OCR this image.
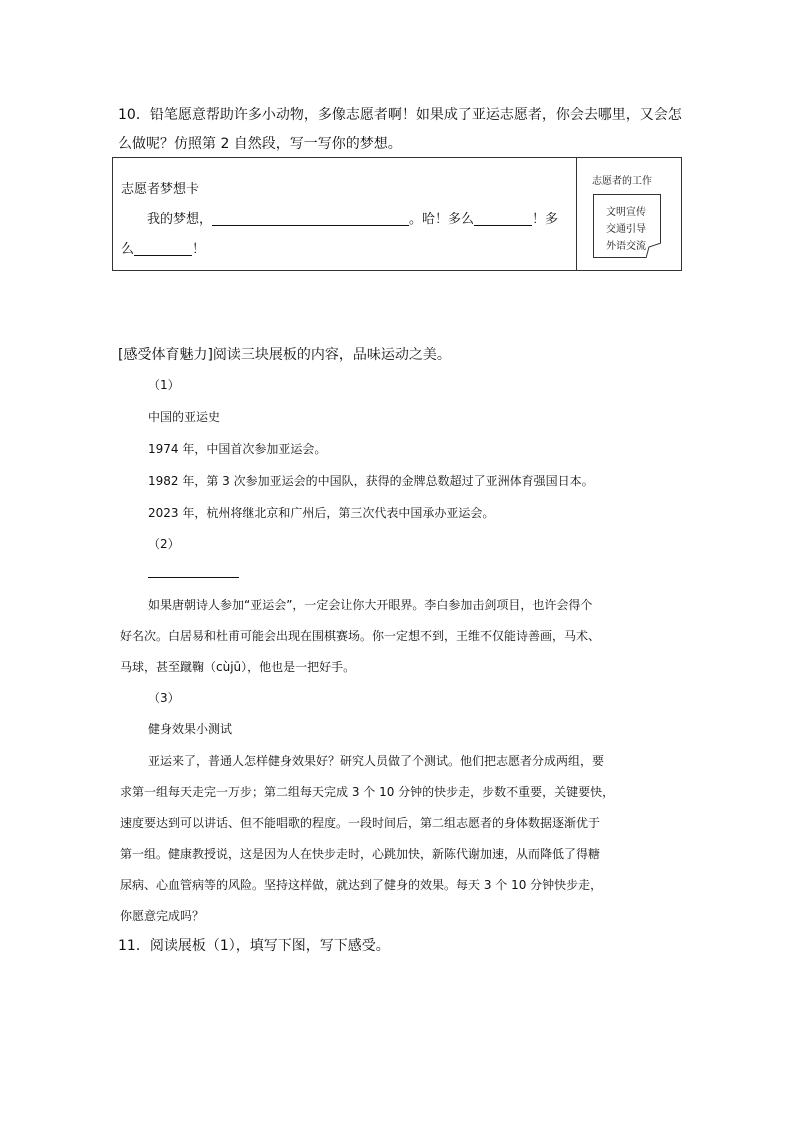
10．铅笔愿意帮助许多小动物，多像志愿者啊！如果成了亚运志愿者，你会去哪里，又会怎
么做呢？仿照第 2 自然段，写一写你的梦想。
志愿者梦想卡
我的梦想，	。哈！多么	！多
么	！
志愿者的工作
文明宣传
交通引导
外语交流
[感受体育魅力]阅读三块展板的内容，品味运动之美。
（1）
中国的亚运史
1974 年，中国首次参加亚运会。
1982 年，第 3 次参加亚运会的中国队，获得的金牌总数超过了亚洲体育强国日本。
2023 年，杭州将继北京和广州后，第三次代表中国承办亚运会。
（2）
如果唐朝诗人参加“亚运会”，一定会让你大开眼界。李白参加击剑项目，也许会得个
好名次。白居易和杜甫可能会出现在围棋赛场。你一定想不到，王维不仅能诗善画，马术、
马球，甚至蹴鞠（cùjū），他也是一把好手。
（3）
健身效果小测试
亚运来了，普通人怎样健身效果好？研究人员做了个测试。他们把志愿者分成两组，要
求第一组每天走完一万步；第二组每天完成 3 个 10 分钟的快步走，步数不重要，关键要快，
速度要达到可以讲话、但不能唱歌的程度。一段时间后，第二组志愿者的身体数据逐渐优于
第一组。健康教授说，这是因为人在快步走时，心跳加快，新陈代谢加速，从而降低了得糖
尿病、心血管病等的风险。坚持这样做，就达到了健身的效果。每天 3 个 10 分钟快步走，
你愿意完成吗？
11．阅读展板（1），填写下图，写下感受。
